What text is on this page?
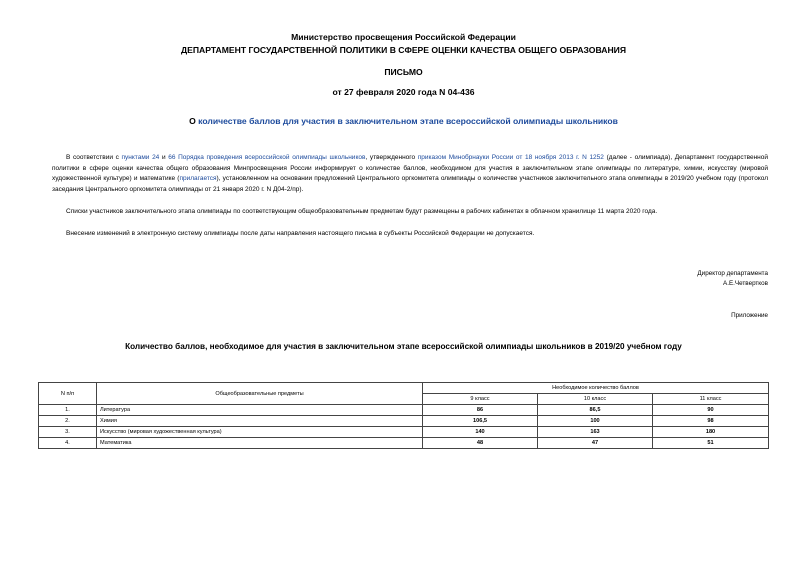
Министерство просвещения Российской Федерации
ДЕПАРТАМЕНТ ГОСУДАРСТВЕННОЙ ПОЛИТИКИ В СФЕРЕ ОЦЕНКИ КАЧЕСТВА ОБЩЕГО ОБРАЗОВАНИЯ
ПИСЬМО
от 27 февраля 2020 года N 04-436
О количестве баллов для участия в заключительном этапе всероссийской олимпиады школьников
В соответствии с пунктами 24 и 66 Порядка проведения всероссийской олимпиады школьников, утвержденного приказом Минобрнауки России от 18 ноября 2013 г. N 1252 (далее - олимпиада), Департамент государственной политики в сфере оценки качества общего образования Минпросвещения России информирует о количестве баллов, необходимом для участия в заключительном этапе олимпиады по литературе, химии, искусству (мировой художественной культуре) и математике (прилагается), установленном на основании предложений Центрального оргкомитета олимпиады о количестве участников заключительного этапа олимпиады в 2019/20 учебном году (протокол заседания Центрального оргкомитета олимпиады от 21 января 2020 г. N Д04-2/пр).
Списки участников заключительного этапа олимпиады по соответствующим общеобразовательным предметам будут размещены в рабочих кабинетах в облачном хранилище 11 марта 2020 года.
Внесение изменений в электронную систему олимпиады после даты направления настоящего письма в субъекты Российской Федерации не допускается.
Директор департамента
А.Е.Четвертков
Приложение
Количество баллов, необходимое для участия в заключительном этапе всероссийской олимпиады школьников в 2019/20 учебном году
N п/п	Общеобразовательные предметы	Необходимое количество баллов		
		9 класс	10 класс	11 класс
1.	Литература	86	86,5	90
2.	Химия	106,5	100	98
3.	Искусство (мировая художественная культура)	140	163	180
4.	Математика	48	47	51
